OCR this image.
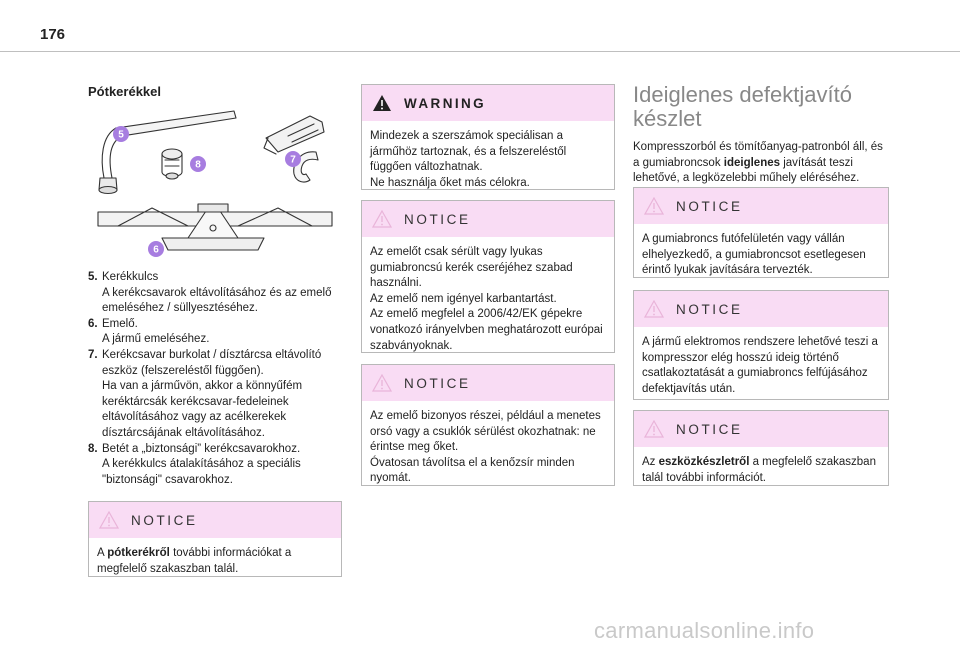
176
Pótkerékkel
5
8	7
6
5. Kerékkulcs
A kerékcsavarok eltávolításához és az emelő emeléséhez / süllyesztéséhez.
6. Emelő.
A jármű emeléséhez.
7. Kerékcsavar burkolat / dísztárcsa eltávolító eszköz (felszereléstől függően).
Ha van a járművön, akkor a könnyűfém keréktárcsák kerékcsavar-fedeleinek eltávolításához vagy az acélkerekek dísztárcsájának eltávolításához.
8. Betét a „biztonsági” kerékcsavarokhoz.
A kerékkulcs átalakításához a speciális "biztonsági" csavarokhoz.
NOTICE

A pótkerékről további információkat a megfelelő szakaszban talál.

WARNING

Mindezek a szerszámok speciálisan a járműhöz tartoznak, és a felszereléstől függően változhatnak.

Ne használja őket más célokra.

NOTICE

Az emelőt csak sérült vagy lyukas gumiabroncsú kerék cseréjéhez szabad használni.

Az emelő nem igényel karbantartást.

Az emelő megfelel a 2006/42/EK gépekre vonatkozó irányelvben meghatározott európai szabványoknak.

NOTICE

Az emelő bizonyos részei, például a menetes orsó vagy a csuklók sérülést okozhatnak: ne érintse meg őket.

Óvatosan távolítsa el a kenőzsír minden nyomát.

Ideiglenes defektjavító készlet
Kompresszorból és tömítőanyag-patronból áll, és a gumiabroncsok ideiglenes javítását teszi lehetővé, a legközelebbi műhely eléréséhez.
NOTICE

A gumiabroncs futófelületén vagy vállán elhelyezkedő, a gumiabroncsot esetlegesen érintő lyukak javítására tervezték.

NOTICE

A jármű elektromos rendszere lehetővé teszi a kompresszor elég hosszú ideig történő csatlakoztatását a gumiabroncs felfújásához defektjavítás után.

NOTICE

Az eszközkészletről a megfelelő szakaszban talál további információt.

carmanualsonline.info
